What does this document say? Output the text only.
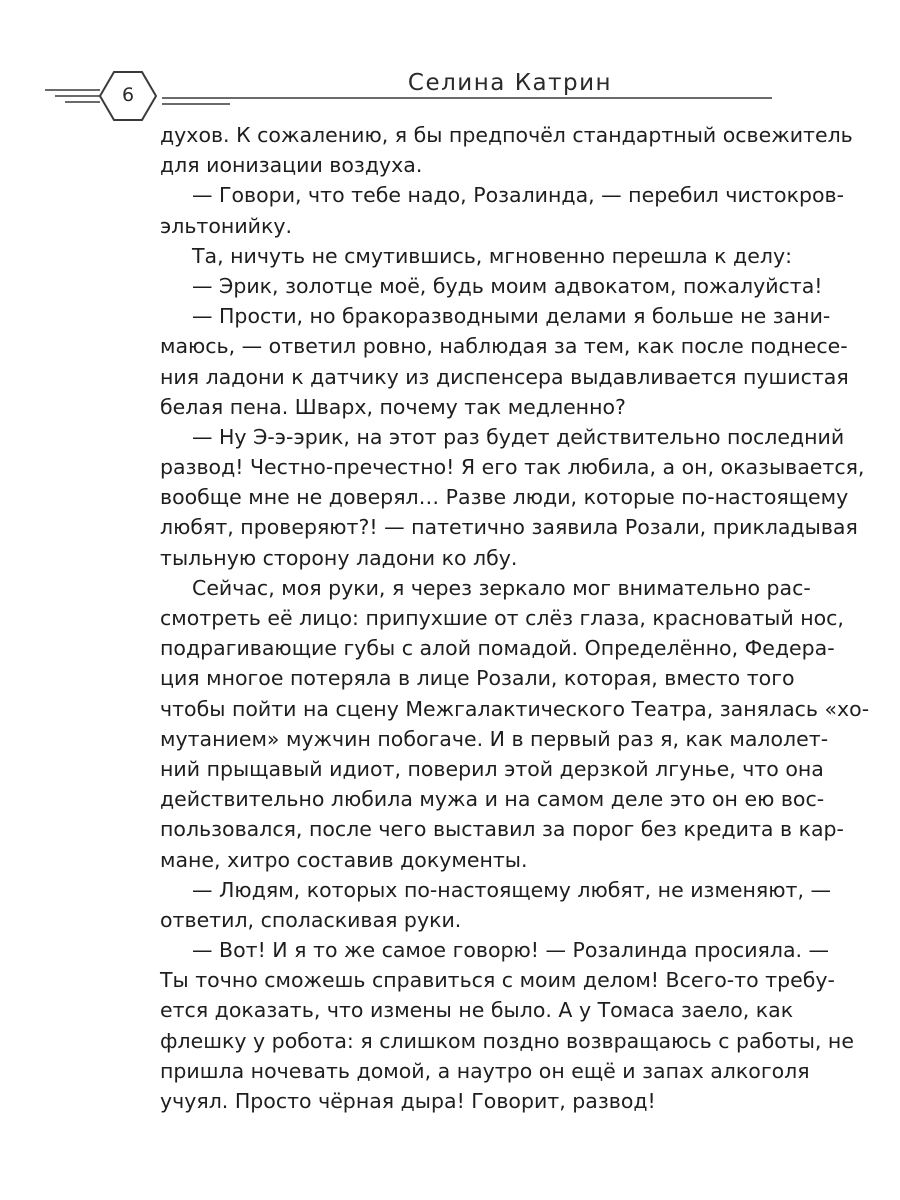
6	Селина Катрин
духов. К сожалению, я бы предпочёл стандартный освежитель
для ионизации воздуха.
— Говори, что тебе надо, Розалинда, — перебил чистокров-
эльтонийку.
Та, ничуть не смутившись, мгновенно перешла к делу:
— Эрик, золотце моё, будь моим адвокатом, пожалуйста!
— Прости, но бракоразводными делами я больше не зани-
маюсь, — ответил ровно, наблюдая за тем, как после поднесе-
ния ладони к датчику из диспенсера выдавливается пушистая
белая пена. Шварх, почему так медленно?
— Ну Э-э-эрик, на этот раз будет действительно последний
развод! Честно-пречестно! Я его так любила, а он, оказывается,
вообще мне не доверял… Разве люди, которые по-настоящему
любят, проверяют?! — патетично заявила Розали, прикладывая
тыльную сторону ладони ко лбу.
Сейчас, моя руки, я через зеркало мог внимательно рас-
смотреть её лицо: припухшие от слёз глаза, красноватый нос,
подрагивающие губы с алой помадой. Определённо, Федера-
ция многое потеряла в лице Розали, которая, вместо того
чтобы пойти на сцену Межгалактического Театра, занялась «хо-
мутанием» мужчин побогаче. И в первый раз я, как малолет-
ний прыщавый идиот, поверил этой дерзкой лгунье, что она
действительно любила мужа и на самом деле это он ею вос-
пользовался, после чего выставил за порог без кредита в кар-
мане, хитро составив документы.
— Людям, которых по-настоящему любят, не изменяют, —
ответил, споласкивая руки.
— Вот! И я то же самое говорю! — Розалинда просияла. —
Ты точно сможешь справиться с моим делом! Всего-то требу-
ется доказать, что измены не было. А у Томаса заело, как
флешку у робота: я слишком поздно возвращаюсь с работы, не
пришла ночевать домой, а наутро он ещё и запах алкоголя
учуял. Просто чёрная дыра! Говорит, развод!
